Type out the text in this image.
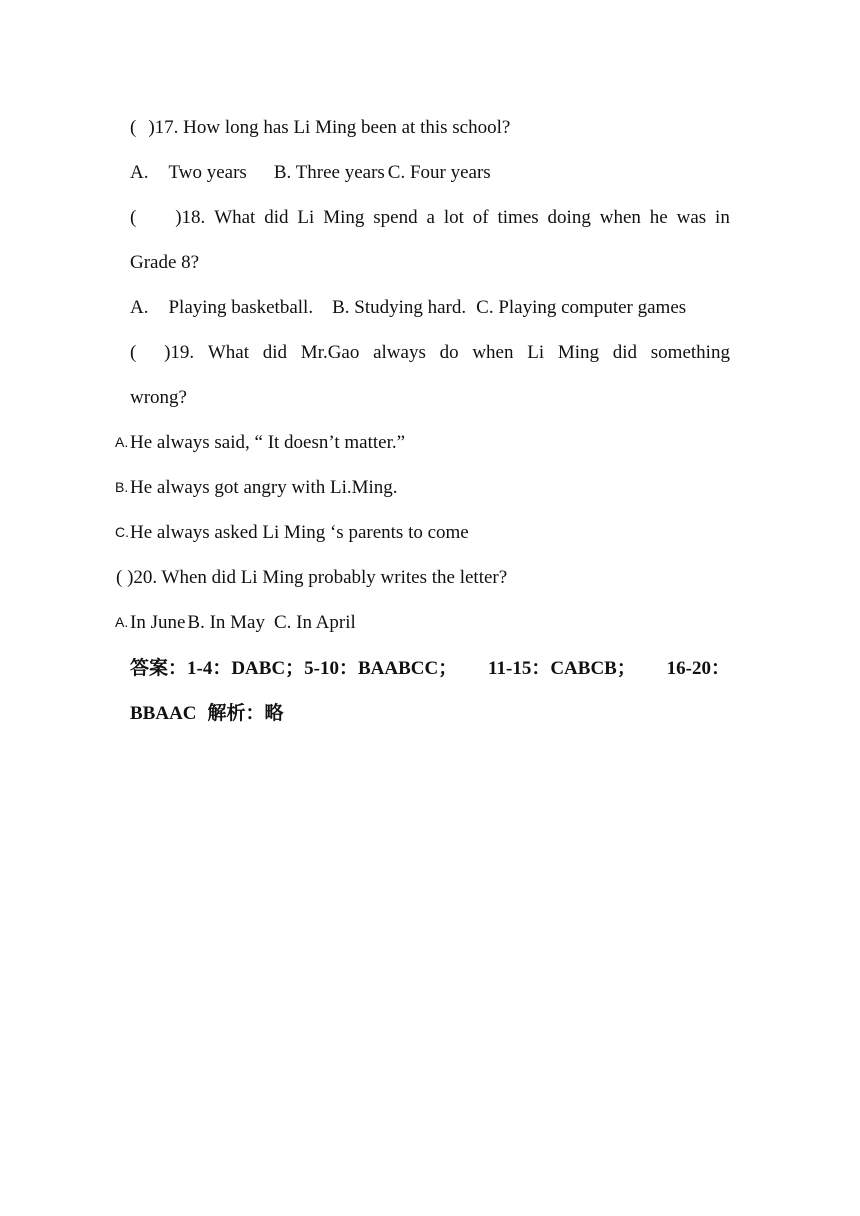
( )17. How long has Li Ming been at this school?
A. Two years B. Three years C. Four years
( )18. What did Li Ming spend a lot of times doing when he was in
Grade 8?
A. Playing basketball. B. Studying hard. C. Playing computer games
( )19. What did Mr.Gao always do when Li Ming did something
wrong?
A. He always said, “ It doesn’t matter.”
B. He always got angry with Li.Ming.
C. He always asked Li Ming ‘s parents to come
( )20. When did Li Ming probably writes the letter?
A. In June B. In May C. In April
答案：1-4：DABC；5-10：BAABCC； 11-15：CABCB； 16-20：
BBAAC 解析：略
